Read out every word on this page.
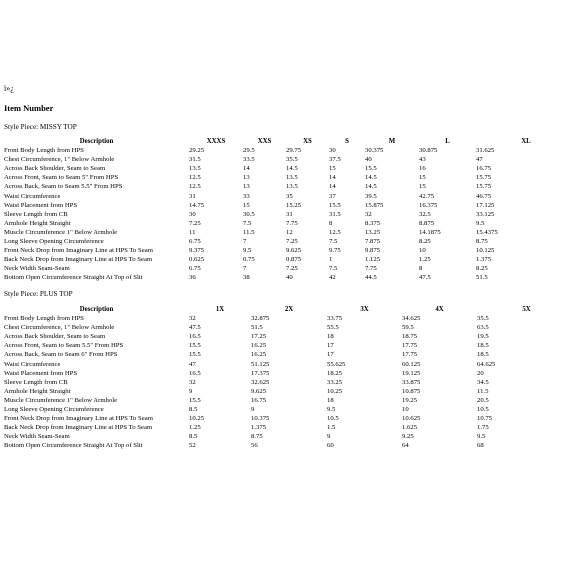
ï»¿
Item Number
Style Piece: MISSY TOP
Description	XXXS	XXS	XS	S	M	L	XL
Front Body Length from HPS	29.25	29.5	29.75	30	30.375	30.875	31.625
Chest Circumference, 1" Below Armhole	31.5	33.5	35.5	37.5	40	43	47
Across Back Shoulder, Seam to Seam	13.5	14	14.5	15	15.5	16	16.75
Across Front, Seam to Seam 5" From HPS	12.5	13	13.5	14	14.5	15	15.75
Across Back, Seam to Seam 5.5" From HPS	12.5	13	13.5	14	14.5	15	15.75
Waist Circumference	31	33	35	37	39.5	42.75	46.75
Waist Placement from HPS	14.75	15	15.25	15.5	15.875	16.375	17.125
Sleeve Length from CB	30	30.5	31	31.5	32	32.5	33.125
Armhole Height Straight	7.25	7.5	7.75	8	8.375	8.875	9.5
Muscle Circumference 1" Below Armhole	11	11.5	12	12.5	13.25	14.1875	15.4375
Long Sleeve Opening Circumference	6.75	7	7.25	7.5	7.875	8.25	8.75
Front Neck Drop from Imaginary Line at HPS To Seam	9.375	9.5	9.625	9.75	9.875	10	10.125
Back Neck Drop from Imaginary Line at HPS To Seam	0.625	0.75	0.875	1	1.125	1.25	1.375
Neck Width Seam-Seam	6.75	7	7.25	7.5	7.75	8	8.25
Bottom Open Circumference Straight At Top of Slit	36	38	40	42	44.5	47.5	51.5
Style Piece: PLUS TOP
Description	1X	2X	3X	4X	5X
Front Body Length from HPS	32	32.875	33.75	34.625	35.5
Chest Circumference, 1" Below Armhole	47.5	51.5	55.5	59.5	63.5
Across Back Shoulder, Seam to Seam	16.5	17.25	18	18.75	19.5
Across Front, Seam to Seam 5.5" From HPS	15.5	16.25	17	17.75	18.5
Across Back, Seam to Seam 6" From HPS	15.5	16.25	17	17.75	18.5
Waist Circumference	47	51.125	55.625	60.125	64.625
Waist Placement from HPS	16.5	17.375	18.25	19.125	20
Sleeve Length from CB	32	32.625	33.25	33.875	34.5
Armhole Height Straight	9	9.625	10.25	10.875	11.5
Muscle Circumference 1" Below Armhole	15.5	16.75	18	19.25	20.5
Long Sleeve Opening Circumference	8.5	9	9.5	10	10.5
Front Neck Drop from Imaginary Line at HPS To Seam	10.25	10.375	10.5	10.625	10.75
Back Neck Drop from Imaginary Line at HPS To Seam	1.25	1.375	1.5	1.625	1.75
Neck Width Seam-Seam	8.5	8.75	9	9.25	9.5
Bottom Open Circumference Straight At Top of Slit	52	56	60	64	68
